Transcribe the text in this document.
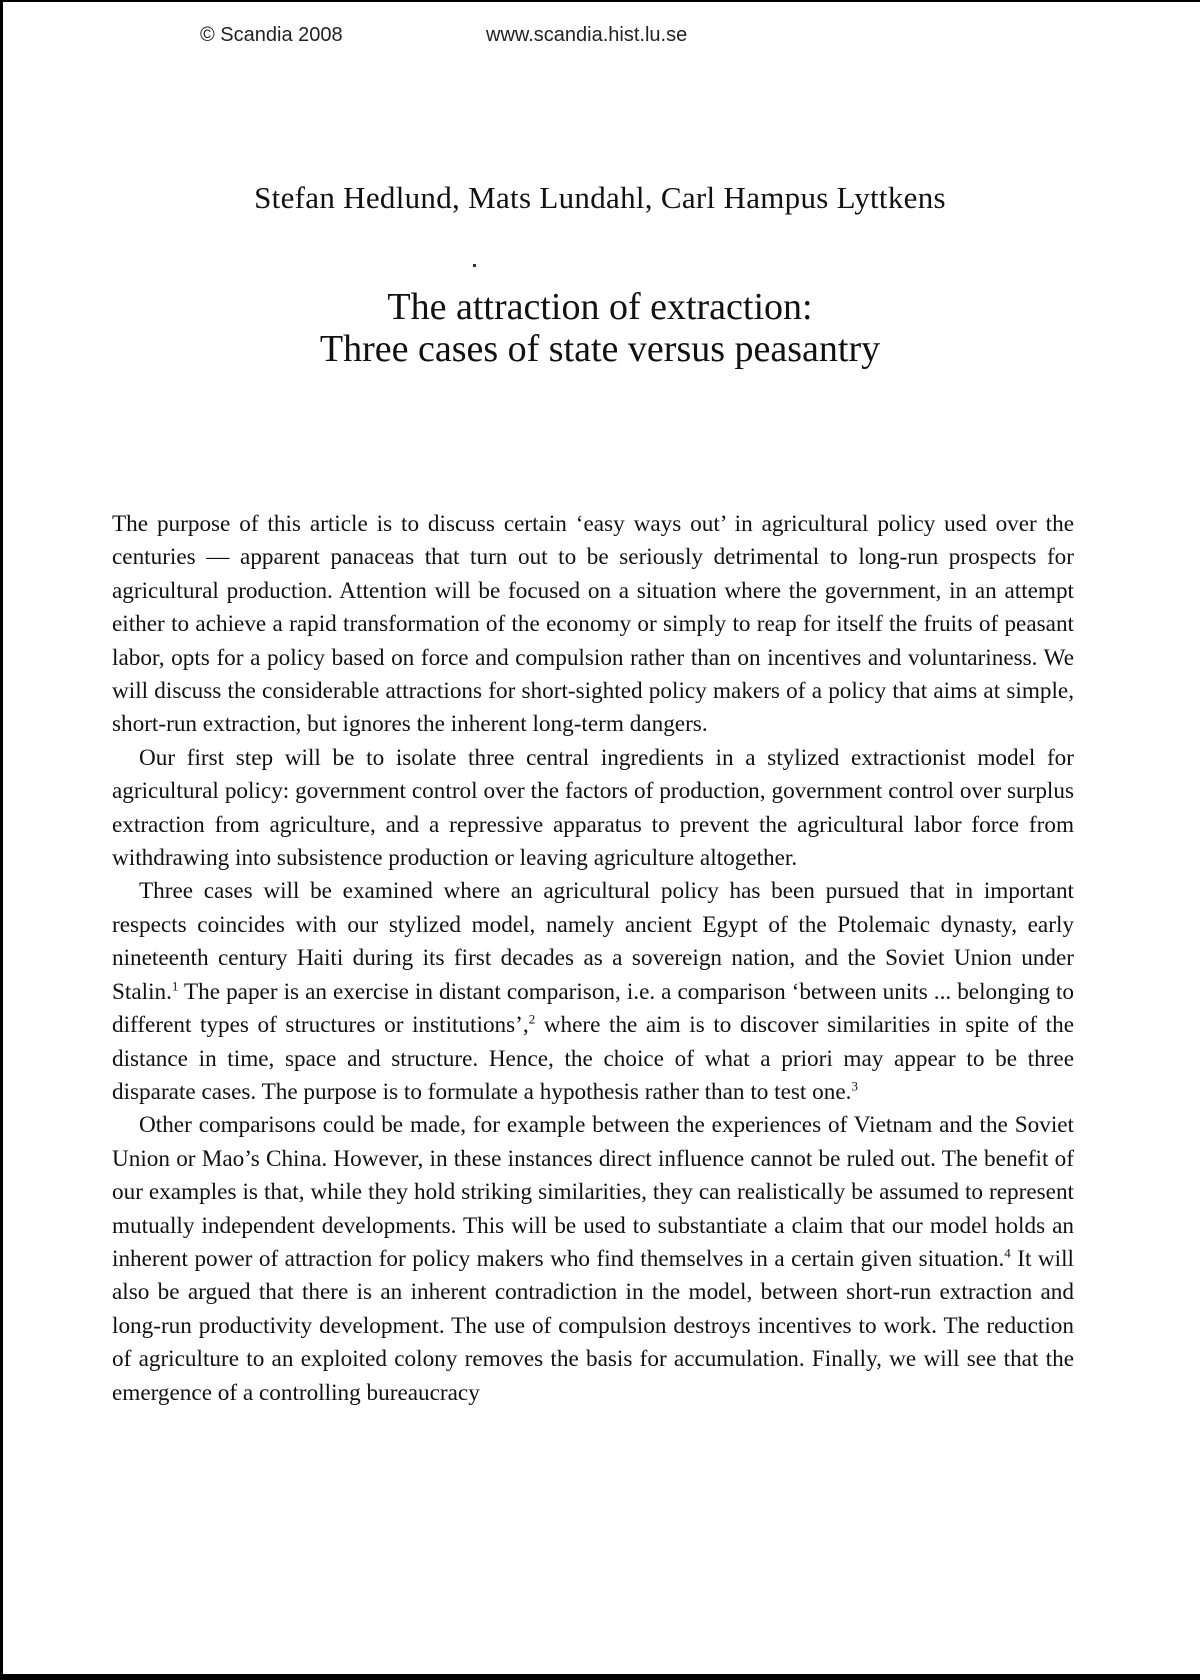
© Scandia 2008	www.scandia.hist.lu.se
Stefan Hedlund, Mats Lundahl, Carl Hampus Lyttkens
The attraction of extraction:
Three cases of state versus peasantry

The purpose of this article is to discuss certain ‘easy ways out’ in agricultural policy used over the centuries — apparent panaceas that turn out to be seriously detrimental to long-run prospects for agricultural production. Attention will be focused on a situation where the government, in an attempt either to achieve a rapid transformation of the economy or simply to reap for itself the fruits of peasant labor, opts for a policy based on force and compulsion rather than on incentives and voluntariness. We will discuss the considerable attractions for short-sighted policy makers of a policy that aims at simple, short-run extraction, but ignores the inherent long-term dangers.

Our first step will be to isolate three central ingredients in a stylized extractionist model for agricultural policy: government control over the factors of production, government control over surplus extraction from agriculture, and a repressive apparatus to prevent the agricultural labor force from withdrawing into subsistence production or leaving agriculture altogether.

Three cases will be examined where an agricultural policy has been pursued that in important respects coincides with our stylized model, namely ancient Egypt of the Ptolemaic dynasty, early nineteenth century Haiti during its first decades as a sovereign nation, and the Soviet Union under Stalin.$^1$ The paper is an exercise in distant comparison, i.e. a comparison ‘between units ... belonging to different types of structures or institutions’,$^2$ where the aim is to discover similarities in spite of the distance in time, space and structure. Hence, the choice of what a priori may appear to be three disparate cases. The purpose is to formulate a hypothesis rather than to test one.$^3$

Other comparisons could be made, for example between the experiences of Vietnam and the Soviet Union or Mao’s China. However, in these instances direct influence cannot be ruled out. The benefit of our examples is that, while they hold striking similarities, they can realistically be assumed to represent mutually independent developments. This will be used to substantiate a claim that our model holds an inherent power of attraction for policy makers who find themselves in a certain given situation.$^4$ It will also be argued that there is an inherent contradiction in the model, between short-run extraction and long-run productivity development. The use of compulsion destroys incentives to work. The reduction of agriculture to an exploited colony removes the basis for accumulation. Finally, we will see that the emergence of a controlling bureaucracy
